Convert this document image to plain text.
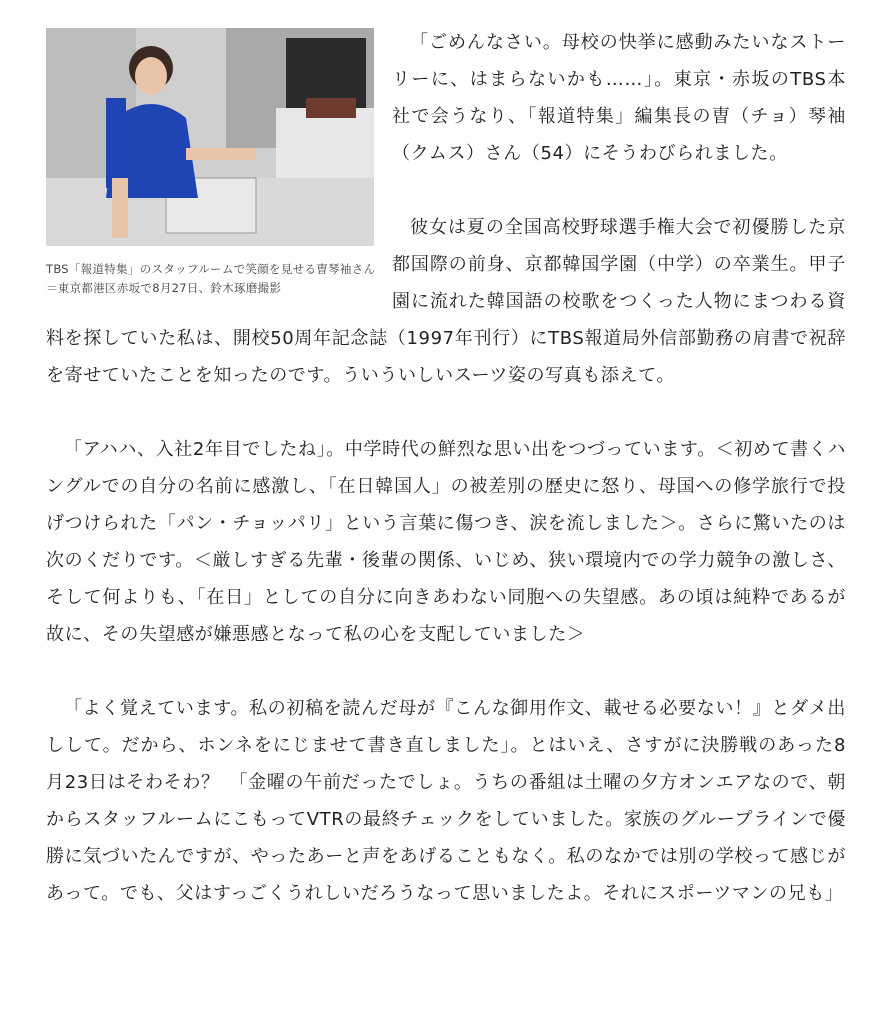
TBS「報道特集」のスタッフルームで笑顔を見せる曺琴袖さん＝東京都港区赤坂で8月27日、鈴木琢磨撮影

「ごめんなさい。母校の快挙に感動みたいなストーリーに、はまらないかも……」。東京・赤坂のTBS本社で会うなり、「報道特集」編集長の曺（チョ）琴袖（クムス）さん（54）にそうわびられました。

彼女は夏の全国高校野球選手権大会で初優勝した京都国際の前身、京都韓国学園（中学）の卒業生。甲子園に流れた韓国語の校歌をつくった人物にまつわる資料を探していた私は、開校50周年記念誌（1997年刊行）にTBS報道局外信部勤務の肩書で祝辞を寄せていたことを知ったのです。ういういしいスーツ姿の写真も添えて。

「アハハ、入社2年目でしたね」。中学時代の鮮烈な思い出をつづっています。＜初めて書くハングルでの自分の名前に感激し、「在日韓国人」の被差別の歴史に怒り、母国への修学旅行で投げつけられた「パン・チョッパリ」という言葉に傷つき、涙を流しました＞。さらに驚いたのは次のくだりです。＜厳しすぎる先輩・後輩の関係、いじめ、狭い環境内での学力競争の激しさ、そして何よりも、「在日」としての自分に向きあわない同胞への失望感。あの頃は純粋であるが故に、その失望感が嫌悪感となって私の心を支配していました＞

「よく覚えています。私の初稿を読んだ母が『こんな御用作文、載せる必要ない！』とダメ出しして。だから、ホンネをにじませて書き直しました」。とはいえ、さすがに決勝戦のあった8月23日はそわそわ？　「金曜の午前だったでしょ。うちの番組は土曜の夕方オンエアなので、朝からスタッフルームにこもってVTRの最終チェックをしていました。家族のグループラインで優勝に気づいたんですが、やったあーと声をあげることもなく。私のなかでは別の学校って感じがあって。でも、父はすっごくうれしいだろうなって思いましたよ。それにスポーツマンの兄も」
